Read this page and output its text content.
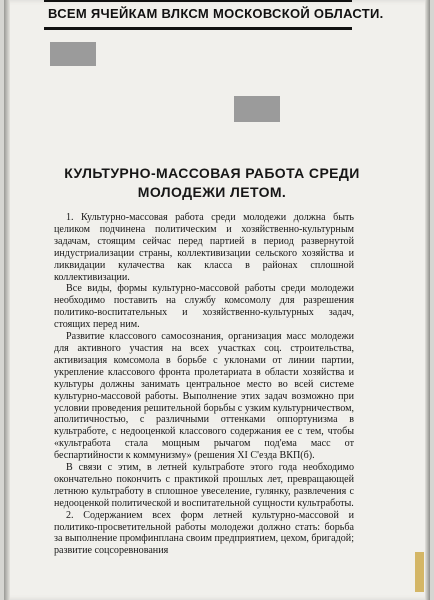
ВСЕМ ЯЧЕЙКАМ ВЛКСМ МОСКОВСКОЙ ОБЛАСТИ.
КУЛЬТУРНО-МАССОВАЯ РАБОТА СРЕДИ
МОЛОДЕЖИ ЛЕТОМ.

1. Культурно-массовая работа среди молодежи должна быть целиком подчинена политическим и хозяйственно-культурным задачам, стоящим сейчас перед партией в период развернутой индустриализации страны, коллективизации сельского хозяйства и ликвидации кулачества как класса в районах сплошной коллективизации.

Все виды, формы культурно-массовой работы среди молодежи необходимо поставить на службу комсомолу для разрешения политико-воспитательных и хозяйственно-культурных задач, стоящих перед ним.

Развитие классового самосознания, организация масс молодежи для активного участия на всех участках соц. строительства, активизация комсомола в борьбе с уклонами от линии партии, укрепление классового фронта пролетариата в области хозяйства и культуры должны занимать центральное место во всей системе культурно-массовой работы. Выполнение этих задач возможно при условии проведения решительной борьбы с узким культурничеством, аполитичностью, с различными оттенками оппортунизма в культработе, с недооценкой классового содержания ее с тем, чтобы «культработа стала мощным рычагом под'ема масс от беспартийности к коммунизму» (решения XI С'езда ВКП(б).

В связи с этим, в летней культработе этого года необходимо окончательно покончить с практикой прошлых лет, превращающей летнюю культработу в сплошное увеселение, гулянку, развлечения с недооценкой политической и воспитательной сущности культработы.

2. Содержанием всех форм летней культурно-массовой и политико-просветительной работы молодежи должно стать: борьба за выполнение промфинплана своим предприятием, цехом, бригадой; развитие соцсоревнования
